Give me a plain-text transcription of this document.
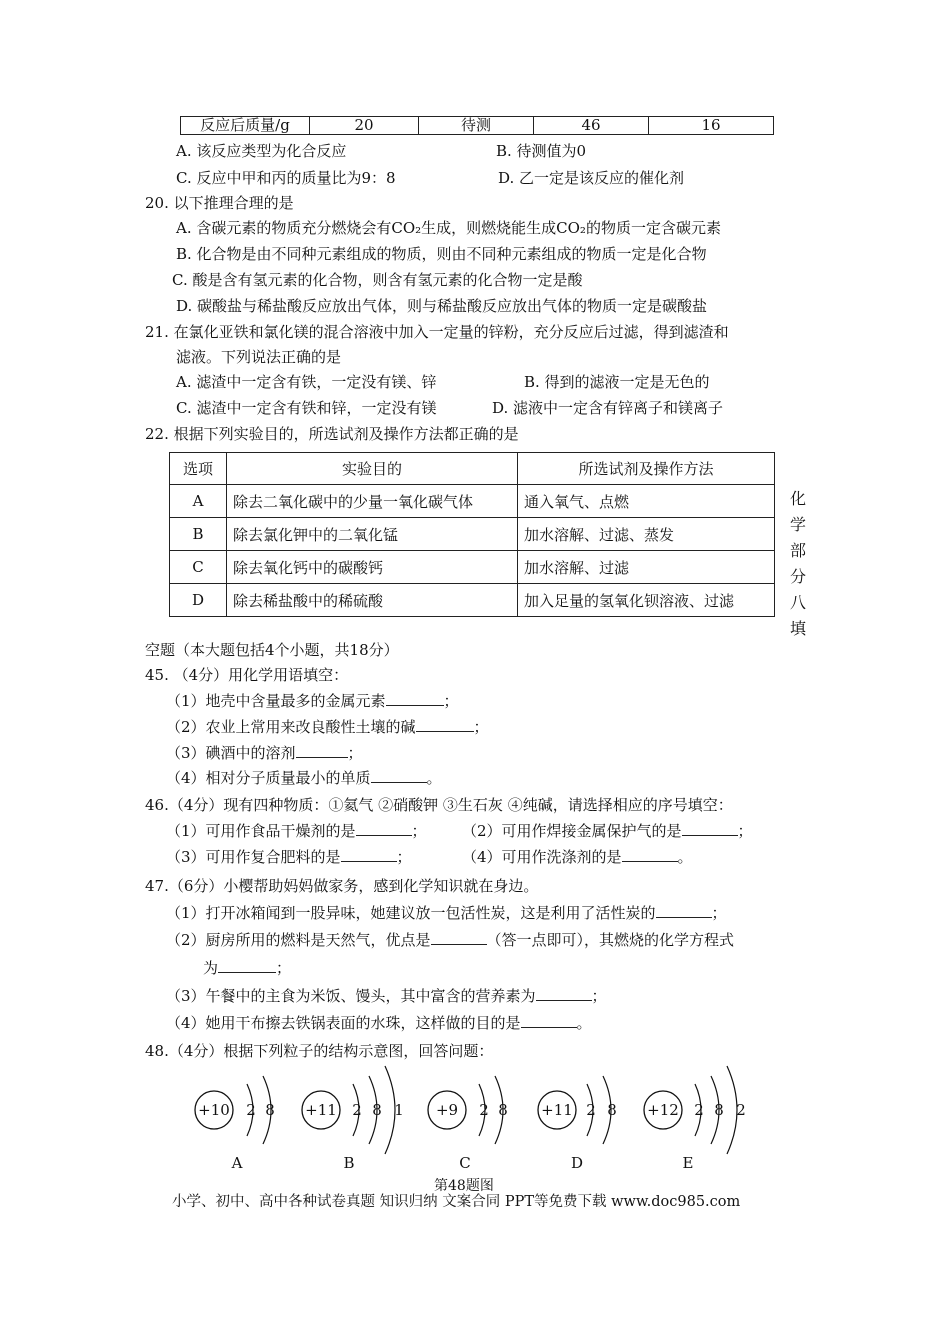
反应后质量/g	20	待测	46	16
A. 该反应类型为化合反应	B. 待测值为0
C. 反应中甲和丙的质量比为9：8	D. 乙一定是该反应的催化剂
20. 以下推理合理的是
A. 含碳元素的物质充分燃烧会有CO₂生成，则燃烧能生成CO₂的物质一定含碳元素
B. 化合物是由不同种元素组成的物质，则由不同种元素组成的物质一定是化合物
C. 酸是含有氢元素的化合物，则含有氢元素的化合物一定是酸
D. 碳酸盐与稀盐酸反应放出气体，则与稀盐酸反应放出气体的物质一定是碳酸盐
21. 在氯化亚铁和氯化镁的混合溶液中加入一定量的锌粉，充分反应后过滤，得到滤渣和
滤液。下列说法正确的是
A. 滤渣中一定含有铁，一定没有镁、锌	B. 得到的滤液一定是无色的
C. 滤渣中一定含有铁和锌，一定没有镁	D. 滤液中一定含有锌离子和镁离子
22. 根据下列实验目的，所选试剂及操作方法都正确的是
选项	实验目的	所选试剂及操作方法
A	除去二氧化碳中的少量一氧化碳气体	通入氧气、点燃
B	除去氯化钾中的二氧化锰	加水溶解、过滤、蒸发
C	除去氧化钙中的碳酸钙	加水溶解、过滤
D	除去稀盐酸中的稀硫酸	加入足量的氢氧化钡溶液、过滤
化
学
部
分
八
填
空题（本大题包括4个小题，共18分）
45. （4分）用化学用语填空：
（1）地壳中含量最多的金属元素	；
（2）农业上常用来改良酸性土壤的碱	；
（3）碘酒中的溶剂	；
（4）相对分子质量最小的单质	。
46.（4分）现有四种物质：①氦气 ②硝酸钾 ③生石灰 ④纯碱，请选择相应的序号填空：
（1）可用作食品干燥剂的是	； （2）可用作焊接金属保护气的是	；
（3）可用作复合肥料的是	；	（4）可用作洗涤剂的是	。
47.（6分）小樱帮助妈妈做家务，感到化学知识就在身边。
（1）打开冰箱闻到一股异味，她建议放一包活性炭，这是利用了活性炭的	；
（2）厨房所用的燃料是天然气，优点是	（答一点即可），其燃烧的化学方程式
为	；
（3）午餐中的主食为米饭、馒头，其中富含的营养素为	；
（4）她用干布擦去铁锅表面的水珠，这样做的目的是	。
48.（4分）根据下列粒子的结构示意图，回答问题：
+10 2 8
A
+11 2 8 1
B
+9 2 8
C
+11 2 8
D
+12 2 8 2
E
第48题图
小学、初中、高中各种试卷真题 知识归纳 文案合同 PPT等免费下载 www.doc985.com
